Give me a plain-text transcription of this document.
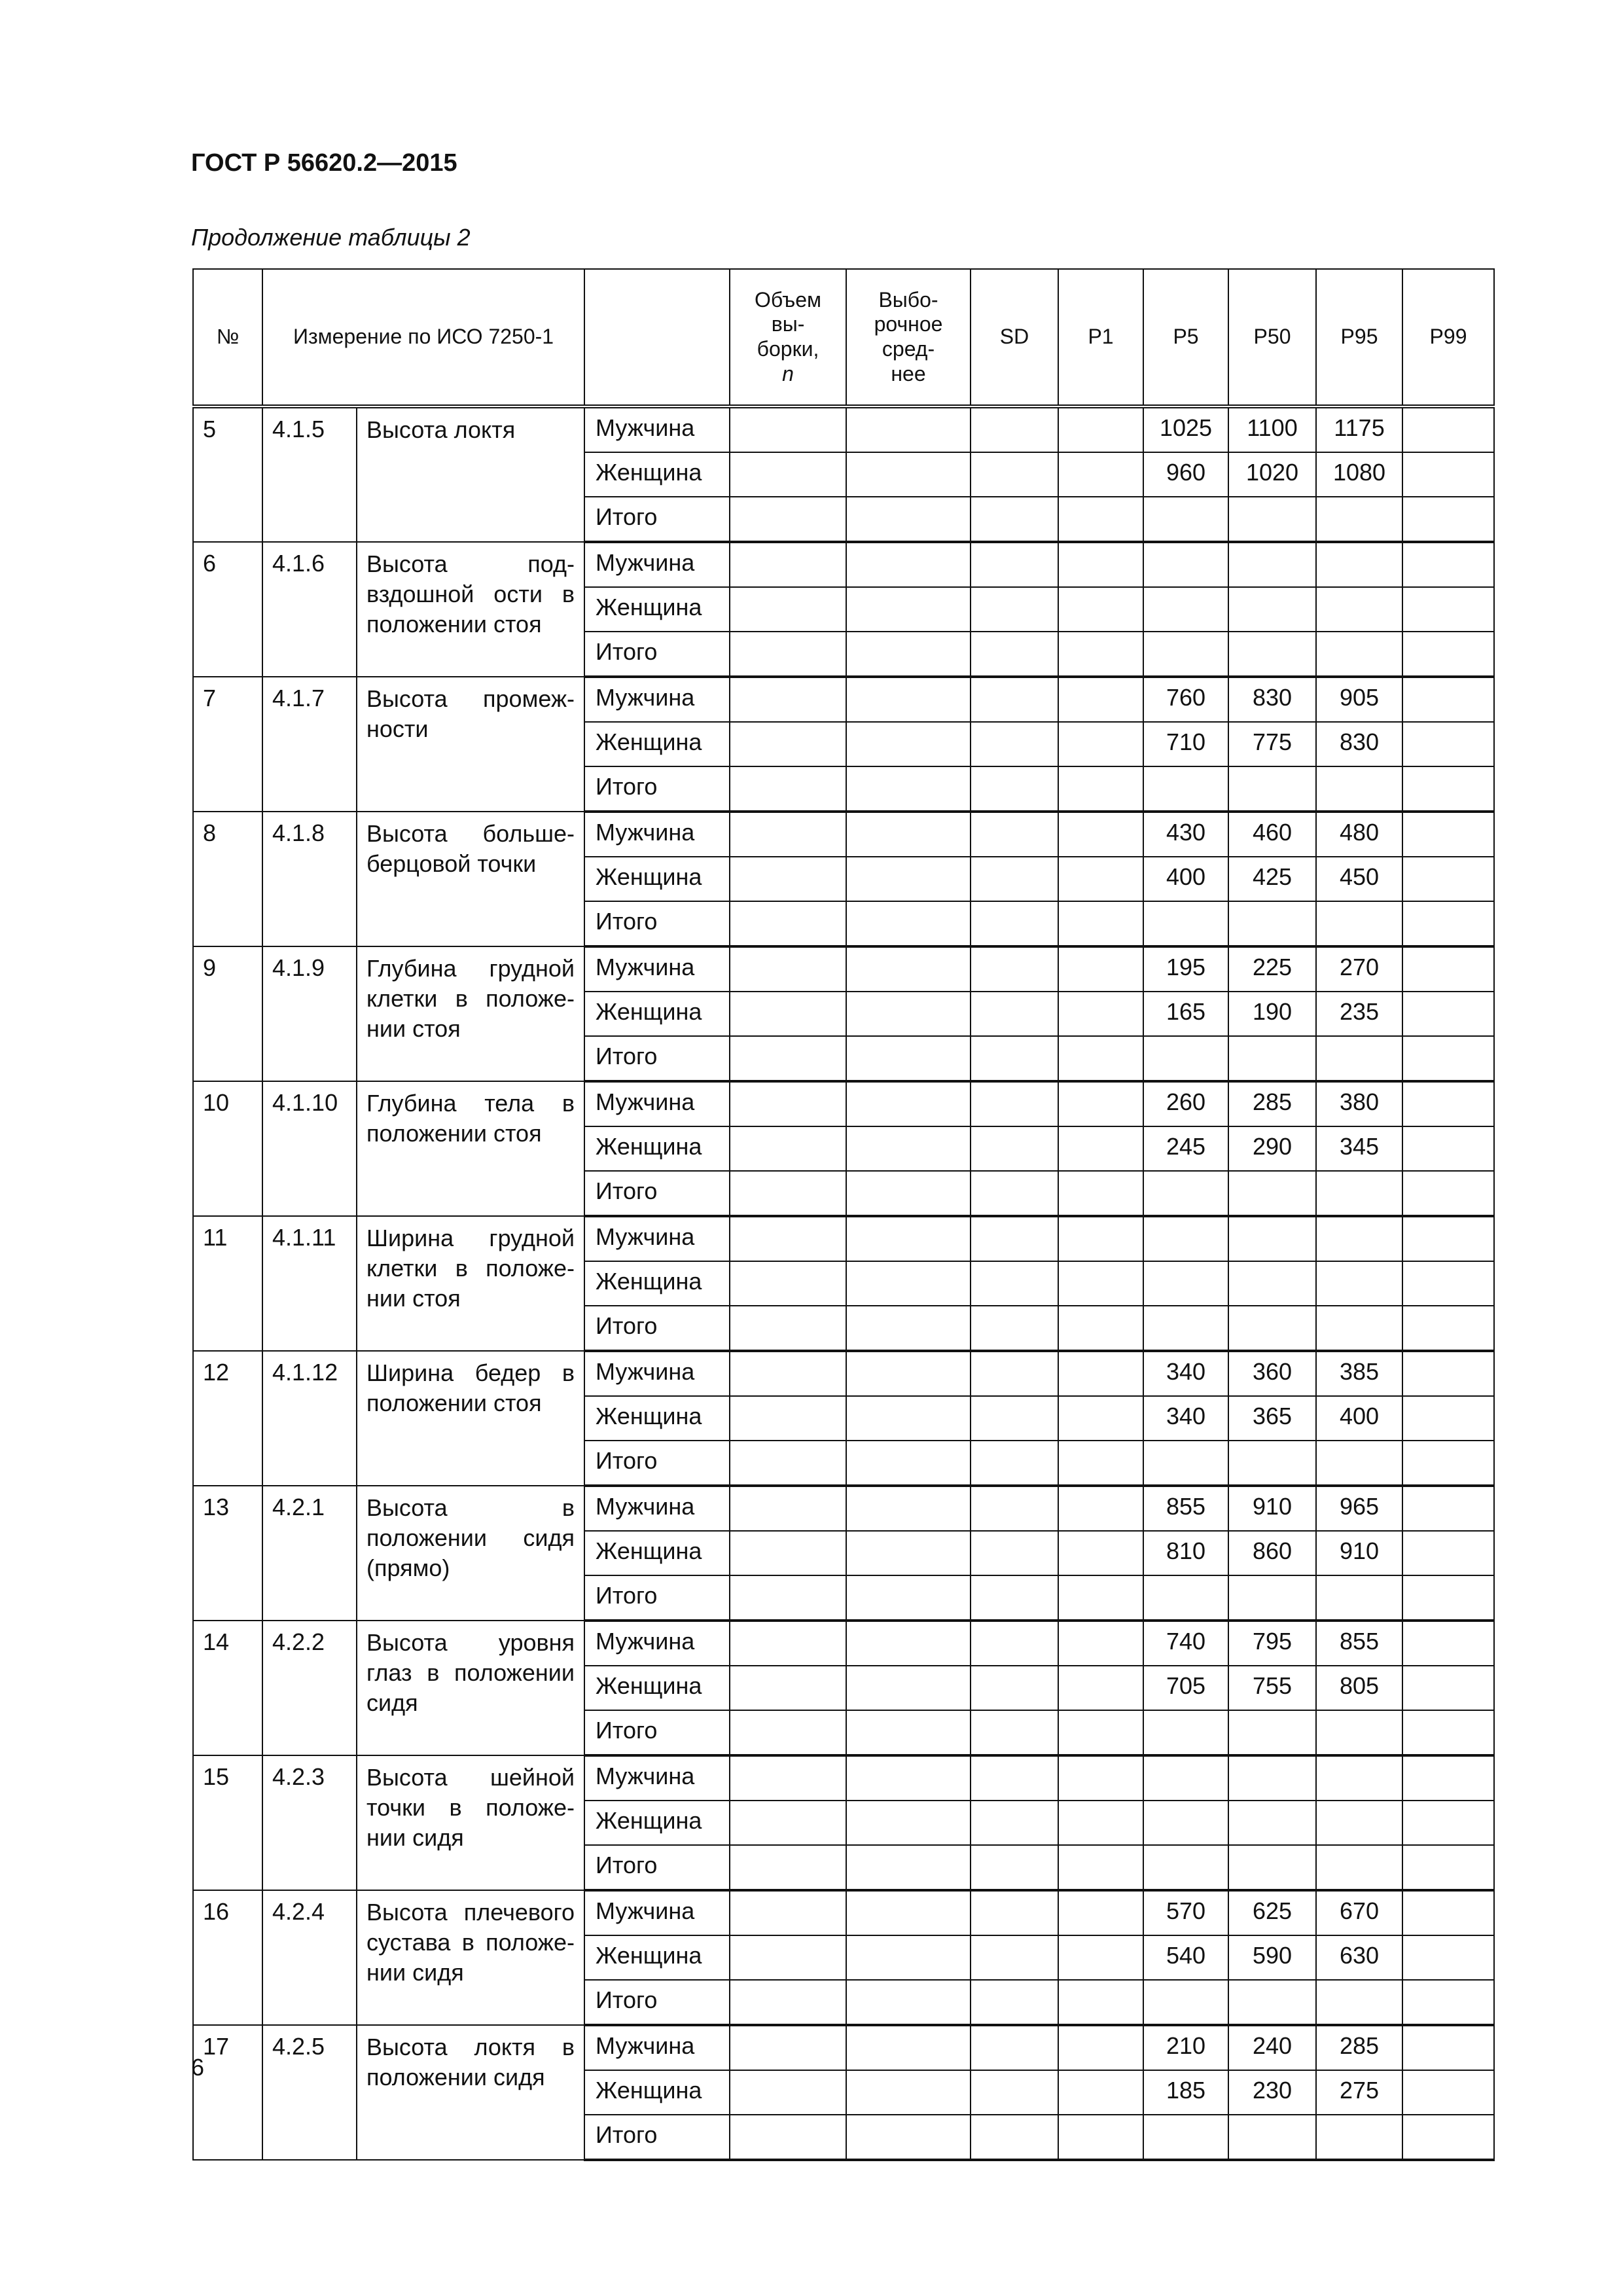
ГОСТ Р 56620.2—2015
Продолжение таблицы 2
№	Измерение по ИСО 7250-1			Объем
вы-
борки,
n	Выбо-
рочное
сред-
нее	SD	P1	P5	P50	P95	P99
5	4.1.5	Высота локтя	Мужчина					1025	1100	1175	
			Женщина					960	1020	1080	
			Итого								
6	4.1.6	Высота под-вздошной ости в положении стоя	Мужчина								
			Женщина								
			Итого								
7	4.1.7	Высота промеж-ности	Мужчина					760	830	905	
			Женщина					710	775	830	
			Итого								
8	4.1.8	Высота больше-берцовой точки	Мужчина					430	460	480	
			Женщина					400	425	450	
			Итого								
9	4.1.9	Глубина грудной клетки в положе-нии стоя	Мужчина					195	225	270	
			Женщина					165	190	235	
			Итого								
10	4.1.10	Глубина тела в положении стоя	Мужчина					260	285	380	
			Женщина					245	290	345	
			Итого								
11	4.1.11	Ширина грудной клетки в положе-нии стоя	Мужчина								
			Женщина								
			Итого								
12	4.1.12	Ширина бедер в положении стоя	Мужчина					340	360	385	
			Женщина					340	365	400	
			Итого								
13	4.2.1	Высота в положении сидя (прямо)	Мужчина					855	910	965	
			Женщина					810	860	910	
			Итого								
14	4.2.2	Высота уровня глаз в положении сидя	Мужчина					740	795	855	
			Женщина					705	755	805	
			Итого								
15	4.2.3	Высота шейной точки в положе-нии сидя	Мужчина								
			Женщина								
			Итого								
16	4.2.4	Высота плечевого сустава в положе-нии сидя	Мужчина					570	625	670	
			Женщина					540	590	630	
			Итого								
17	4.2.5	Высота локтя в положении сидя	Мужчина					210	240	285	
			Женщина					185	230	275	
			Итого								
6
